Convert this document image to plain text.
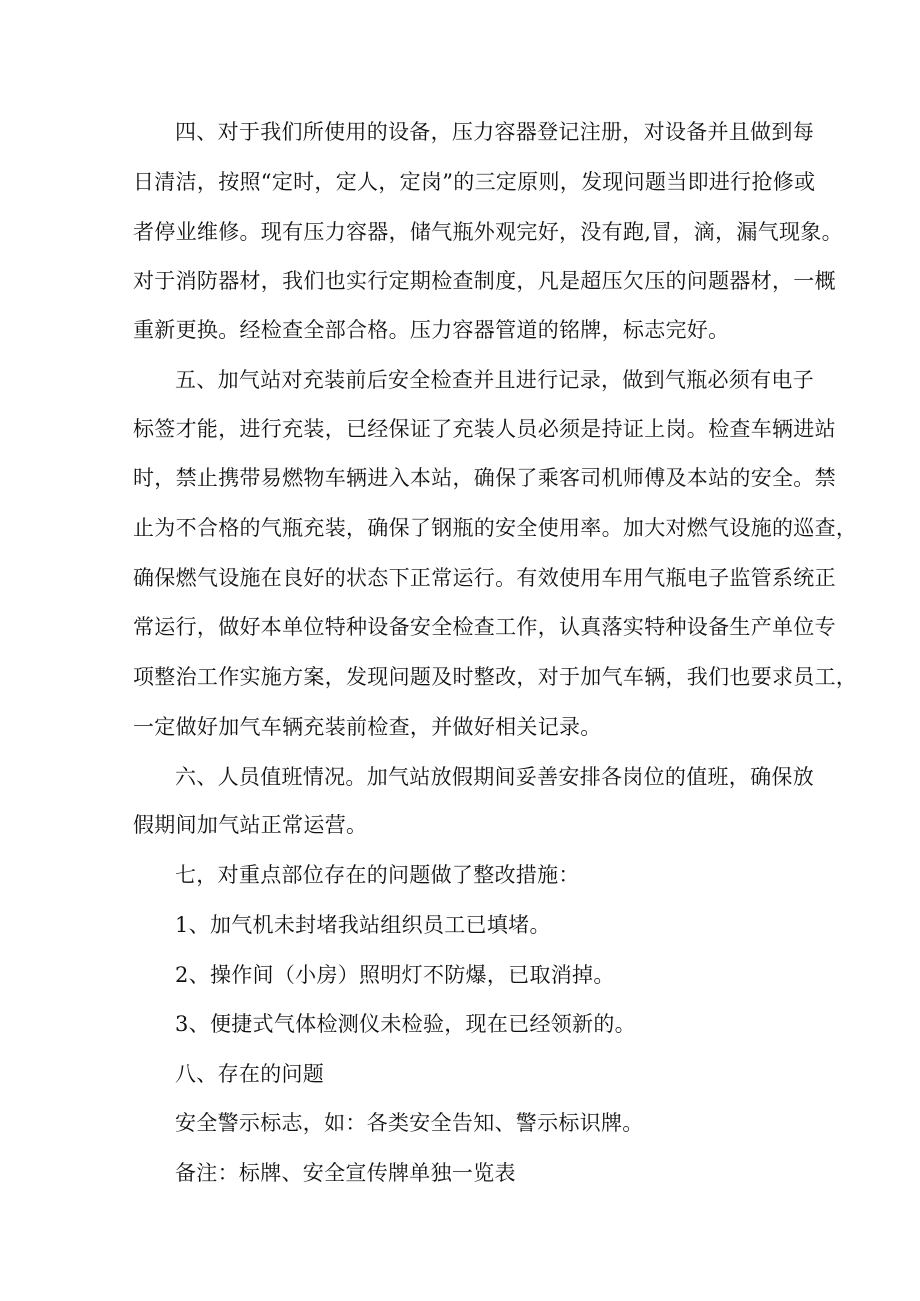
四、对于我们所使用的设备，压力容器登记注册，对设备并且做到每
日清洁，按照“定时，定人，定岗”的三定原则，发现问题当即进行抢修或
者停业维修。现有压力容器，储气瓶外观完好，没有跑,冒，滴，漏气现象。
对于消防器材，我们也实行定期检查制度，凡是超压欠压的问题器材，一概
重新更换。经检查全部合格。压力容器管道的铭牌，标志完好。
五、加气站对充装前后安全检查并且进行记录，做到气瓶必须有电子
标签才能，进行充装，已经保证了充装人员必须是持证上岗。检查车辆进站
时，禁止携带易燃物车辆进入本站，确保了乘客司机师傅及本站的安全。禁
止为不合格的气瓶充装，确保了钢瓶的安全使用率。加大对燃气设施的巡查，
确保燃气设施在良好的状态下正常运行。有效使用车用气瓶电子监管系统正
常运行，做好本单位特种设备安全检查工作，认真落实特种设备生产单位专
项整治工作实施方案，发现问题及时整改，对于加气车辆，我们也要求员工，
一定做好加气车辆充装前检查，并做好相关记录。
六、人员值班情况。加气站放假期间妥善安排各岗位的值班，确保放
假期间加气站正常运营。
七，对重点部位存在的问题做了整改措施：
1、加气机未封堵我站组织员工已填堵。
2、操作间（小房）照明灯不防爆，已取消掉。
3、便捷式气体检测仪未检验，现在已经领新的。
八、存在的问题
安全警示标志，如：各类安全告知、警示标识牌。
备注：标牌、安全宣传牌单独一览表
